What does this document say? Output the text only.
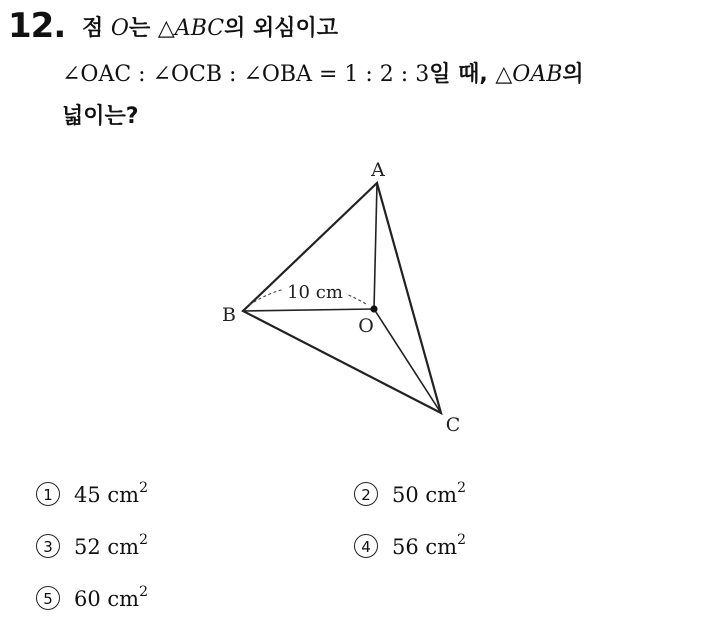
12. 점 O는 △ABC의 외심이고
∠OAC : ∠OCB : ∠OBA = 1 : 2 : 3일 때, △OAB의
넓이는?
10 cm
A
B
C
O
1 45 $cm^2$	2 50 $cm^2$
3 52 $cm^2$	4 56 $cm^2$
5 60 $cm^2$
